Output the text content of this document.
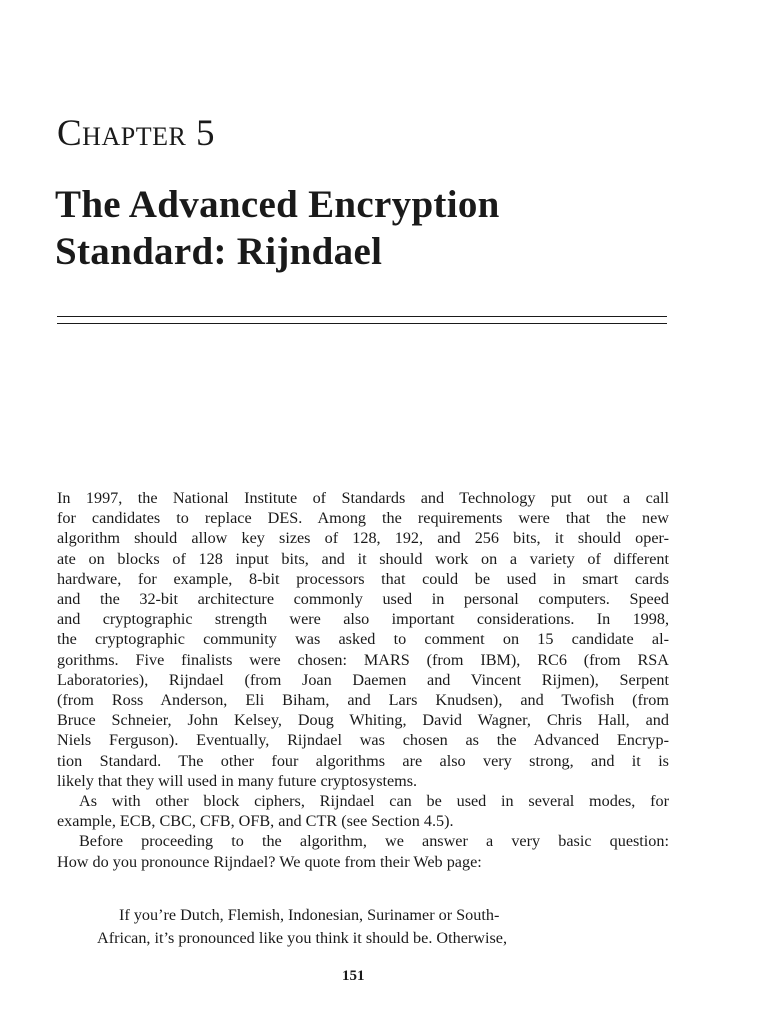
Chapter 5
The Advanced Encryption
Standard: Rijndael

In 1997, the National Institute of Standards and Technology put out a call
for candidates to replace DES. Among the requirements were that the new
algorithm should allow key sizes of 128, 192, and 256 bits, it should oper-
ate on blocks of 128 input bits, and it should work on a variety of different
hardware, for example, 8-bit processors that could be used in smart cards
and the 32-bit architecture commonly used in personal computers. Speed
and cryptographic strength were also important considerations. In 1998,
the cryptographic community was asked to comment on 15 candidate al-
gorithms. Five finalists were chosen: MARS (from IBM), RC6 (from RSA
Laboratories), Rijndael (from Joan Daemen and Vincent Rijmen), Serpent
(from Ross Anderson, Eli Biham, and Lars Knudsen), and Twofish (from
Bruce Schneier, John Kelsey, Doug Whiting, David Wagner, Chris Hall, and
Niels Ferguson). Eventually, Rijndael was chosen as the Advanced Encryp-
tion Standard. The other four algorithms are also very strong, and it is
likely that they will used in many future cryptosystems.

As with other block ciphers, Rijndael can be used in several modes, for
example, ECB, CBC, CFB, OFB, and CTR (see Section 4.5).

Before proceeding to the algorithm, we answer a very basic question:
How do you pronounce Rijndael? We quote from their Web page:

If you’re Dutch, Flemish, Indonesian, Surinamer or South-
African, it’s pronounced like you think it should be. Otherwise,
151
